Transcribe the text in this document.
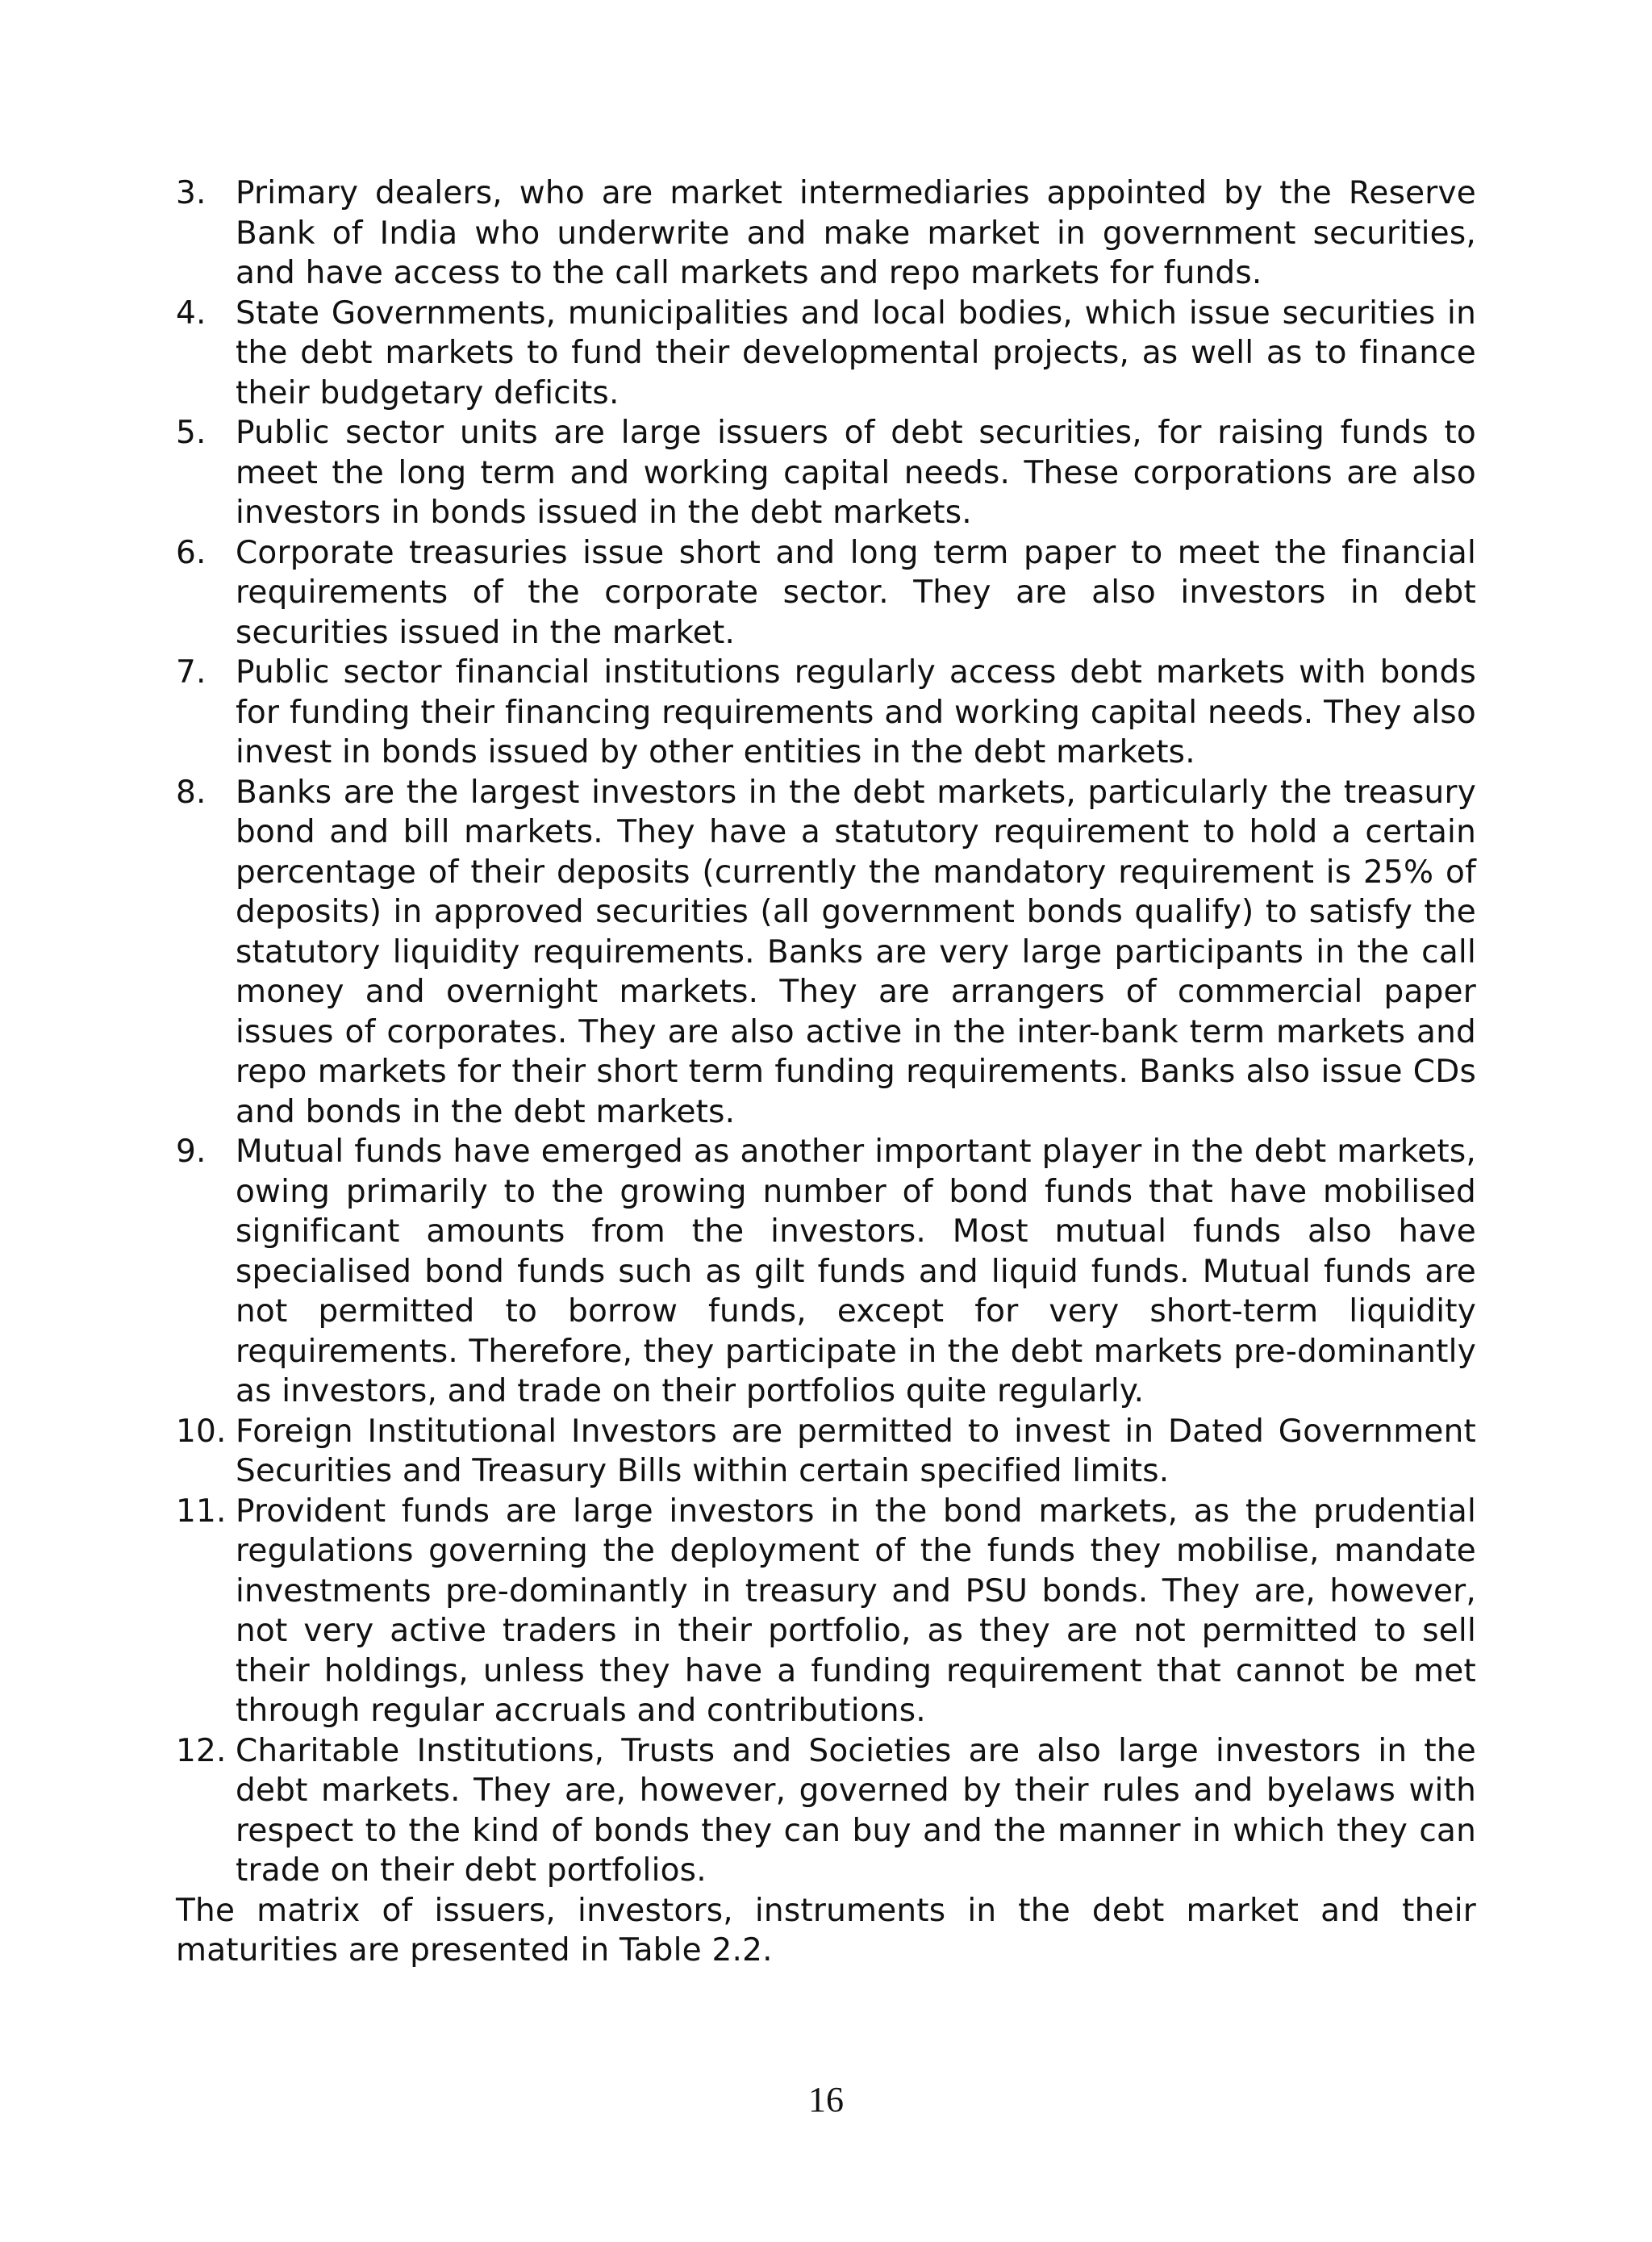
3. Primary dealers, who are market intermediaries appointed by the Reserve Bank of India who underwrite and make market in government securities, and have access to the call markets and repo markets for funds.
4. State Governments, municipalities and local bodies, which issue securities in the debt markets to fund their developmental projects, as well as to finance their budgetary deficits.
5. Public sector units are large issuers of debt securities, for raising funds to meet the long term and working capital needs. These corporations are also investors in bonds issued in the debt markets.
6. Corporate treasuries issue short and long term paper to meet the financial requirements of the corporate sector. They are also investors in debt securities issued in the market.
7. Public sector financial institutions regularly access debt markets with bonds for funding their financing requirements and working capital needs. They also invest in bonds issued by other entities in the debt markets.
8. Banks are the largest investors in the debt markets, particularly the treasury bond and bill markets. They have a statutory requirement to hold a certain percentage of their deposits (currently the mandatory requirement is 25% of deposits) in approved securities (all government bonds qualify) to satisfy the statutory liquidity requirements. Banks are very large participants in the call money and overnight markets. They are arrangers of commercial paper issues of corporates. They are also active in the inter-bank term markets and repo markets for their short term funding requirements. Banks also issue CDs and bonds in the debt markets.
9. Mutual funds have emerged as another important player in the debt markets, owing primarily to the growing number of bond funds that have mobilised significant amounts from the investors. Most mutual funds also have specialised bond funds such as gilt funds and liquid funds. Mutual funds are not permitted to borrow funds, except for very short-term liquidity requirements. Therefore, they participate in the debt markets pre-dominantly as investors, and trade on their portfolios quite regularly.
10. Foreign Institutional Investors are permitted to invest in Dated Government Securities and Treasury Bills within certain specified limits.
11. Provident funds are large investors in the bond markets, as the prudential regulations governing the deployment of the funds they mobilise, mandate investments pre-dominantly in treasury and PSU bonds. They are, however, not very active traders in their portfolio, as they are not permitted to sell their holdings, unless they have a funding requirement that cannot be met through regular accruals and contributions.
12. Charitable Institutions, Trusts and Societies are also large investors in the debt markets. They are, however, governed by their rules and byelaws with respect to the kind of bonds they can buy and the manner in which they can trade on their debt portfolios.

The matrix of issuers, investors, instruments in the debt market and their maturities are presented in Table 2.2.

16
